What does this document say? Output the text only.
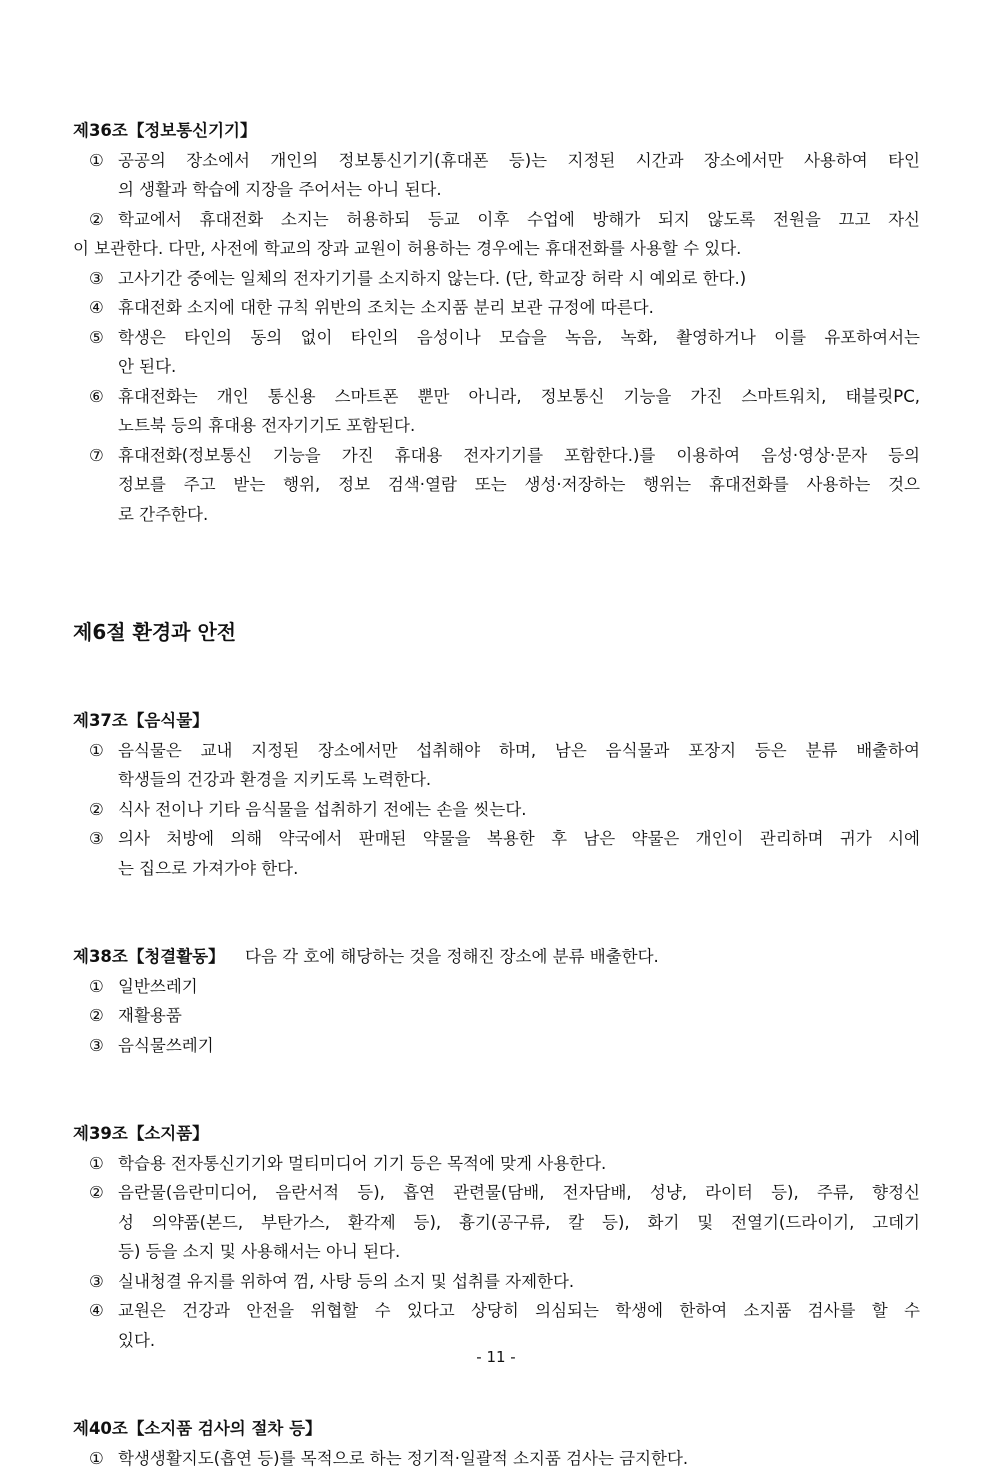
제36조【정보통신기기】
① 공공의 장소에서 개인의 정보통신기기(휴대폰 등)는 지정된 시간과 장소에서만 사용하여 타인
의 생활과 학습에 지장을 주어서는 아니 된다.
② 학교에서 휴대전화 소지는 허용하되 등교 이후 수업에 방해가 되지 않도록 전원을 끄고 자신
이 보관한다. 다만, 사전에 학교의 장과 교원이 허용하는 경우에는 휴대전화를 사용할 수 있다.
③ 고사기간 중에는 일체의 전자기기를 소지하지 않는다. (단, 학교장 허락 시 예외로 한다.)
④ 휴대전화 소지에 대한 규칙 위반의 조치는 소지품 분리 보관 규정에 따른다.
⑤ 학생은 타인의 동의 없이 타인의 음성이나 모습을 녹음, 녹화, 촬영하거나 이를 유포하여서는
안 된다.
⑥ 휴대전화는 개인 통신용 스마트폰 뿐만 아니라, 정보통신 기능을 가진 스마트워치, 태블릿PC,
노트북 등의 휴대용 전자기기도 포함된다.
⑦ 휴대전화(정보통신 기능을 가진 휴대용 전자기기를 포함한다.)를 이용하여 음성·영상·문자 등의
정보를 주고 받는 행위, 정보 검색·열람 또는 생성·저장하는 행위는 휴대전화를 사용하는 것으
로 간주한다.
제6절 환경과 안전
제37조【음식물】
① 음식물은 교내 지정된 장소에서만 섭취해야 하며, 남은 음식물과 포장지 등은 분류 배출하여
학생들의 건강과 환경을 지키도록 노력한다.
② 식사 전이나 기타 음식물을 섭취하기 전에는 손을 씻는다.
③ 의사 처방에 의해 약국에서 판매된 약물을 복용한 후 남은 약물은 개인이 관리하며 귀가 시에
는 집으로 가져가야 한다.
제38조【청결활동】 다음 각 호에 해당하는 것을 정해진 장소에 분류 배출한다.
① 일반쓰레기
② 재활용품
③ 음식물쓰레기
제39조【소지품】
① 학습용 전자통신기기와 멀티미디어 기기 등은 목적에 맞게 사용한다.
② 음란물(음란미디어, 음란서적 등), 흡연 관련물(담배, 전자담배, 성냥, 라이터 등), 주류, 향정신
성 의약품(본드, 부탄가스, 환각제 등), 흉기(공구류, 칼 등), 화기 및 전열기(드라이기, 고데기
등) 등을 소지 및 사용해서는 아니 된다.
③ 실내청결 유지를 위하여 껌, 사탕 등의 소지 및 섭취를 자제한다.
④ 교원은 건강과 안전을 위협할 수 있다고 상당히 의심되는 학생에 한하여 소지품 검사를 할 수
있다.
제40조【소지품 검사의 절차 등】
① 학생생활지도(흡연 등)를 목적으로 하는 정기적·일괄적 소지품 검사는 금지한다.
- 11 -
